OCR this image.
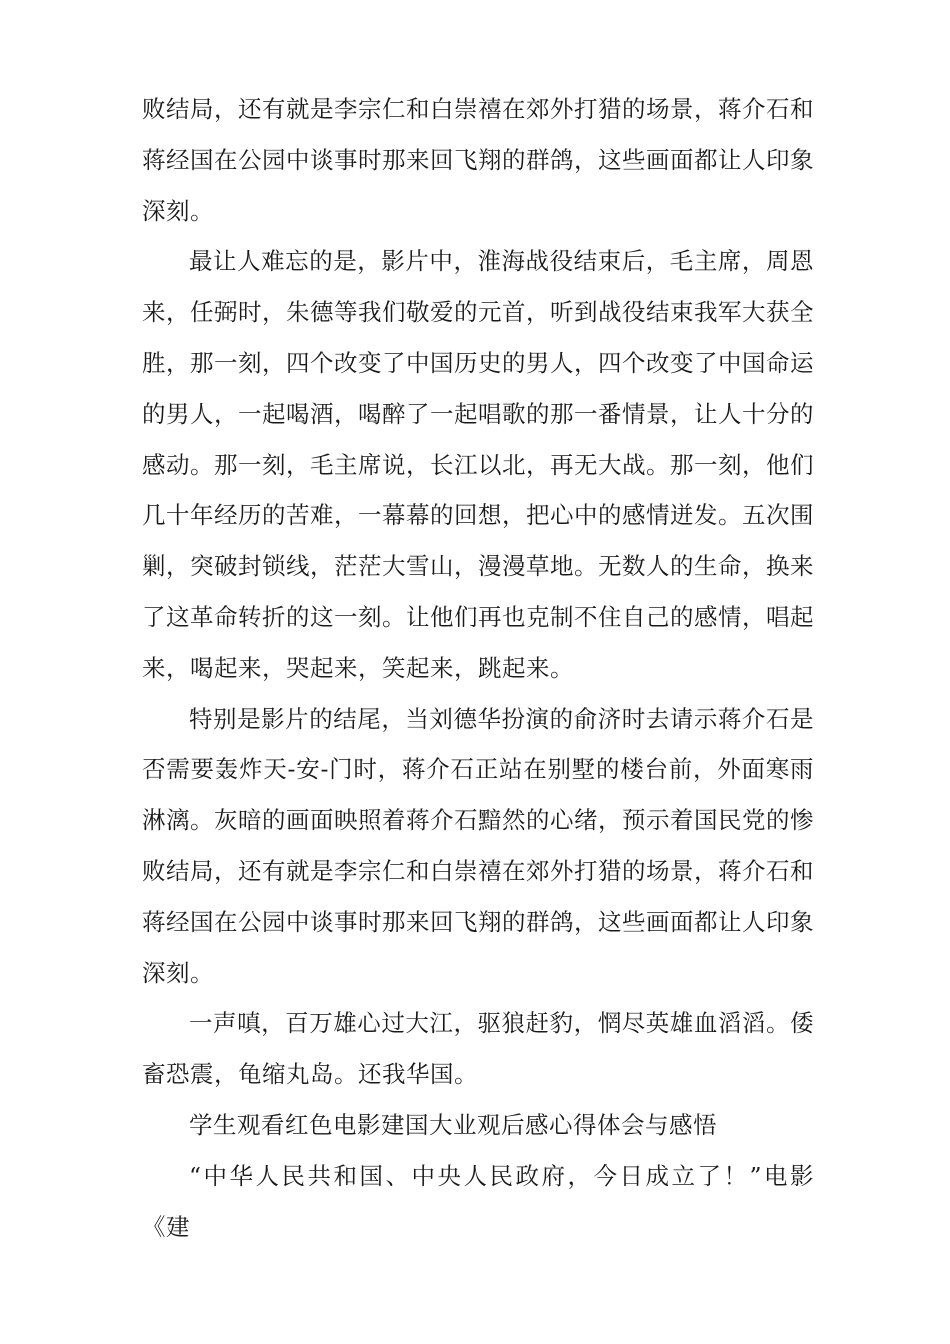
败结局，还有就是李宗仁和白崇禧在郊外打猎的场景，蒋介石和蒋经国在公园中谈事时那来回飞翔的群鸽，这些画面都让人印象深刻。

最让人难忘的是，影片中，淮海战役结束后，毛主席，周恩来，任弼时，朱德等我们敬爱的元首，听到战役结束我军大获全胜，那一刻，四个改变了中国历史的男人，四个改变了中国命运的男人，一起喝酒，喝醉了一起唱歌的那一番情景，让人十分的感动。那一刻，毛主席说，长江以北，再无大战。那一刻，他们几十年经历的苦难，一幕幕的回想，把心中的感情迸发。五次围剿，突破封锁线，茫茫大雪山，漫漫草地。无数人的生命，换来了这革命转折的这一刻。让他们再也克制不住自己的感情，唱起来，喝起来，哭起来，笑起来，跳起来。

特别是影片的结尾，当刘德华扮演的俞济时去请示蒋介石是否需要轰炸天-安-门时，蒋介石正站在别墅的楼台前，外面寒雨淋漓。灰暗的画面映照着蒋介石黯然的心绪，预示着国民党的惨败结局，还有就是李宗仁和白崇禧在郊外打猎的场景，蒋介石和蒋经国在公园中谈事时那来回飞翔的群鸽，这些画面都让人印象深刻。

一声嗔，百万雄心过大江，驱狼赶豹，惘尽英雄血滔滔。倭畜恐震，龟缩丸岛。还我华国。

学生观看红色电影建国大业观后感心得体会与感悟

“中华人民共和国、中央人民政府，今日成立了！”电影《建
